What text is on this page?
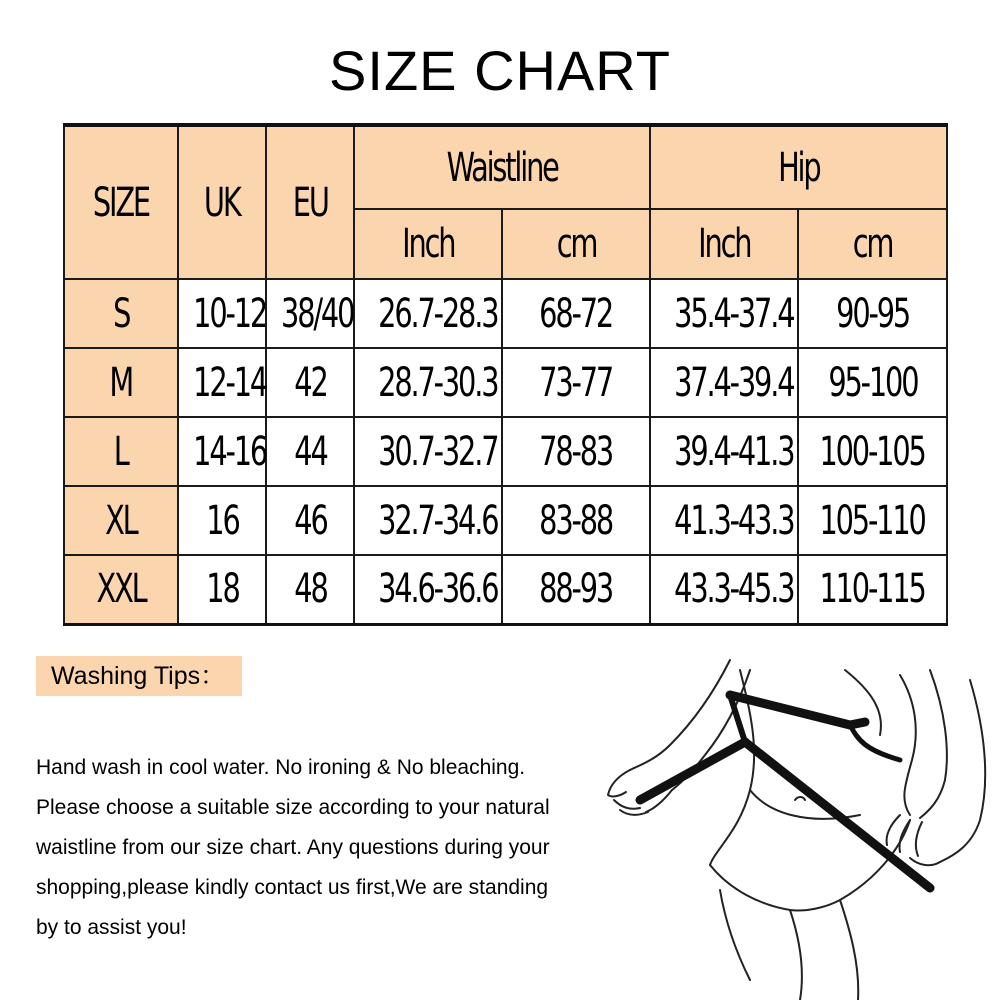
SIZE CHART
SIZE	UK	EU	Waistline		Hip	
			Inch	cm	Inch	cm
S	10-12	38/40	26.7-28.3	68-72	35.4-37.4	90-95
M	12-14	42	28.7-30.3	73-77	37.4-39.4	95-100
L	14-16	44	30.7-32.7	78-83	39.4-41.3	100-105
XL	16	46	32.7-34.6	83-88	41.3-43.3	105-110
XXL	18	48	34.6-36.6	88-93	43.3-45.3	110-115
Washing Tips：
Hand wash in cool water. No ironing & No bleaching.
Please choose a suitable size according to your natural
waistline from our size chart. Any questions during your
shopping,please kindly contact us first,We are standing
by to assist you!
